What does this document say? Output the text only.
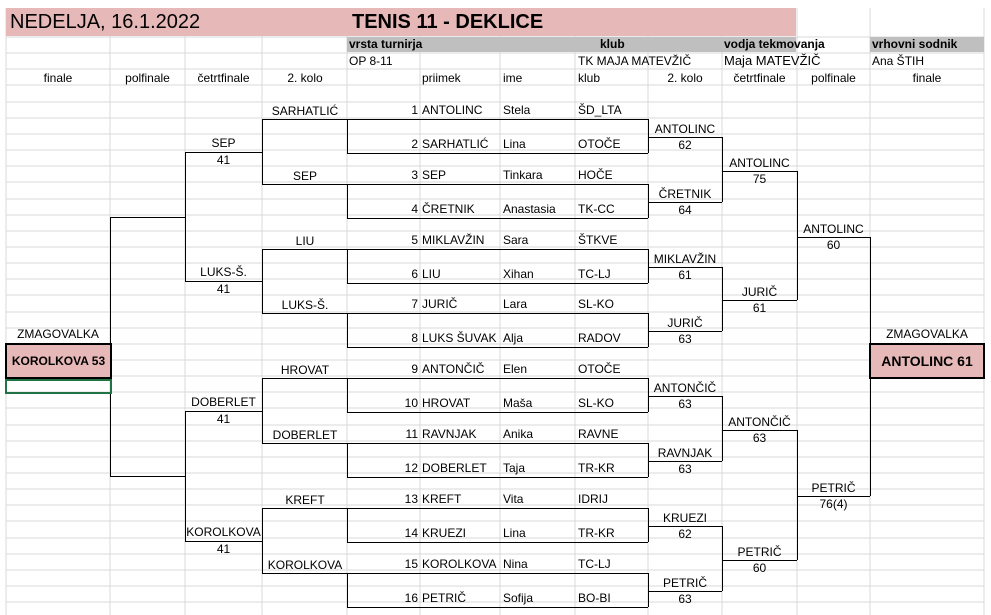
NEDELJA, 16.1.2022	TENIS 11 - DEKLICE
vrsta turnirja	klub	vodja tekmovanja	vrhovni sodnik
OP 8-11	TK MAJA MATEVŽIČ	Maja MATEVŽIČ	Ana ŠTIH
finale	polfinale	četrtfinale	2. kolo	priimek	ime	klub	2. kolo	četrtfinale	polfinale	finale
1 ANTOLINC Stela	ŠD_LTA
2 SARHATLIĆ Lina	OTOČE
3 SEP	Tinkara	HOČE
4 ČRETNIK Anastasia TK-CC
5 MIKLAVŽIN Sara	ŠTKVE
6 LIU	Xihan	TC-LJ
7 JURIČ	Lara	SL-KO
8 LUKS ŠUVAK Alja	RADOV
9 ANTONČIČ Elen	OTOČE
10 HROVAT	Maša	SL-KO
11 RAVNJAK Anika	RAVNE
12 DOBERLET Taja	TR-KR
13 KREFT	Vita	IDRIJ
14 KRUEZI	Lina	TR-KR
15 KOROLKOVA Nina	TC-LJ
16 PETRIČ	Sofija	BO-BI
SARHATLIĆ
ANTOLINC
62
SEP
ČRETNIK
64
LIU
MIKLAVŽIN
61
LUKS-Š.
JURIČ
63
HROVAT
ANTONČIČ
63
DOBERLET
RAVNJAK
63
KREFT
KRUEZI
62
KOROLKOVA
PETRIČ
63
SEP
41	ANTOLINC
75
LUKS-Š.
41	JURIČ
61
DOBERLET
41	ANTONČIČ
63
KOROLKOVA
41	PETRIČ
60
ANTOLINC
60
PETRIČ
76(4)
ZMAGOVALKA
KOROLKOVA 53
ZMAGOVALKA
ANTOLINC 61
